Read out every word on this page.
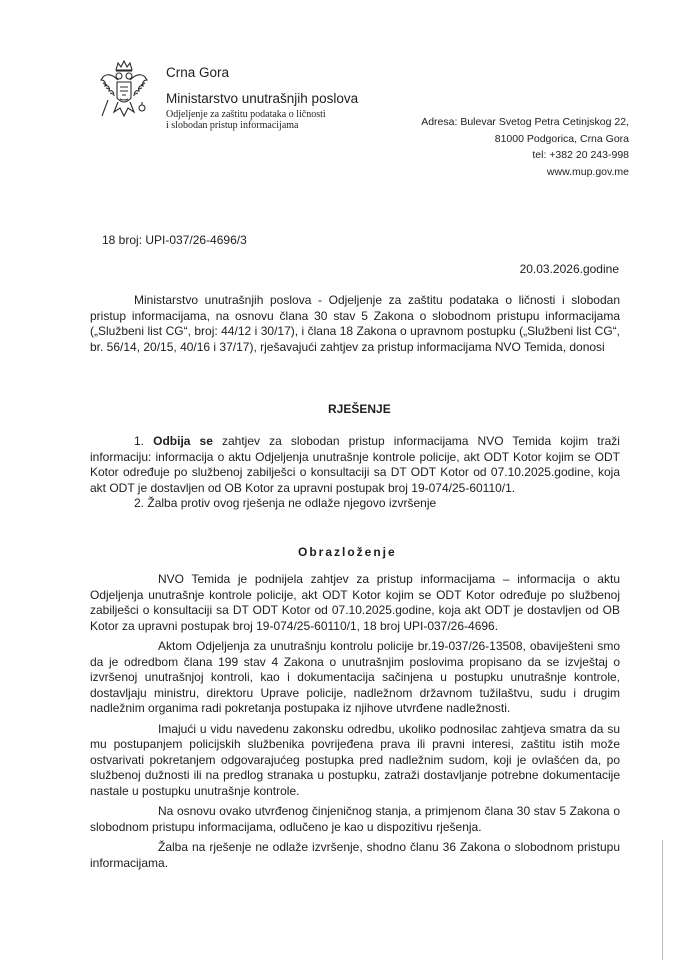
Crna Gora
Ministarstvo unutrašnjih poslova
Odjeljenje za zaštitu podataka o ličnosti
i slobodan pristup informacijama	Adresa: Bulevar Svetog Petra Cetinjskog 22,
81000 Podgorica, Crna Gora
tel: +382 20 243-998
www.mup.gov.me
18 broj: UPI-037/26-4696/3
20.03.2026.godine
Ministarstvo unutrašnjih poslova - Odjeljenje za zaštitu podataka o ličnosti i slobodan pristup informacijama, na osnovu člana 30 stav 5 Zakona o slobodnom pristupu informacijama („Službeni list CG“, broj: 44/12 i 30/17), i člana 18 Zakona o upravnom postupku („Službeni list CG“, br. 56/14, 20/15, 40/16 i 37/17), rješavajući zahtjev za pristup informacijama NVO Temida, donosi
RJEŠENJE
1. Odbija se zahtjev za slobodan pristup informacijama NVO Temida kojim traži informaciju: informacija o aktu Odjeljenja unutrašnje kontrole policije, akt ODT Kotor kojim se ODT Kotor određuje po službenoj zabilješci o konsultaciji sa DT ODT Kotor od 07.10.2025.godine, koja akt ODT je dostavljen od OB Kotor za upravni postupak broj 19-074/25-60110/1.
2. Žalba protiv ovog rješenja ne odlaže njegovo izvršenje
Obrazloženje

NVO Temida je podnijela zahtjev za pristup informacijama – informacija o aktu Odjeljenja unutrašnje kontrole policije, akt ODT Kotor kojim se ODT Kotor određuje po službenoj zabilješci o konsultaciji sa DT ODT Kotor od 07.10.2025.godine, koja akt ODT je dostavljen od OB Kotor za upravni postupak broj 19-074/25-60110/1, 18 broj UPI-037/26-4696.

Aktom Odjeljenja za unutrašnju kontrolu policije br.19-037/26-13508, obaviješteni smo da je odredbom člana 199 stav 4 Zakona o unutrašnjim poslovima propisano da se izvještaj o izvršenoj unutrašnjoj kontroli, kao i dokumentacija sačinjena u postupku unutrašnje kontrole, dostavljaju ministru, direktoru Uprave policije, nadležnom državnom tužilaštvu, sudu i drugim nadležnim organima radi pokretanja postupaka iz njihove utvrđene nadležnosti.

Imajući u vidu navedenu zakonsku odredbu, ukoliko podnosilac zahtjeva smatra da su mu postupanjem policijskih službenika povrijeđena prava ili pravni interesi, zaštitu istih može ostvarivati pokretanjem odgovarajućeg postupka pred nadležnim sudom, koji je ovlašćen da, po službenoj dužnosti ili na predlog stranaka u postupku, zatraži dostavljanje potrebne dokumentacije nastale u postupku unutrašnje kontrole.

Na osnovu ovako utvrđenog činjeničnog stanja, a primjenom člana 30 stav 5 Zakona o slobodnom pristupu informacijama, odlučeno je kao u dispozitivu rješenja.

Žalba na rješenje ne odlaže izvršenje, shodno članu 36 Zakona o slobodnom pristupu informacijama.
